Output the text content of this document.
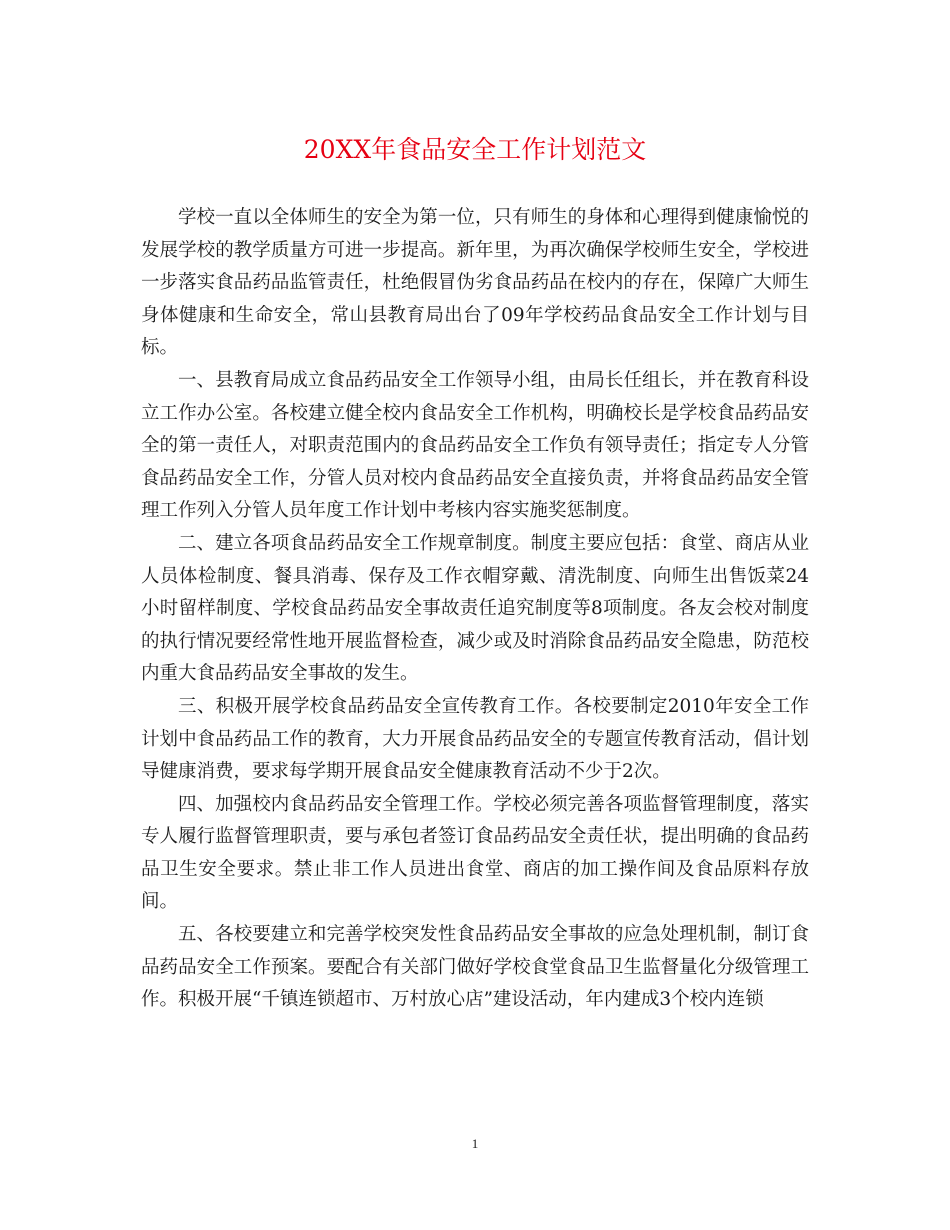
20XX年食品安全工作计划范文

学校一直以全体师生的安全为第一位，只有师生的身体和心理得到健康愉悦的发展学校的教学质量方可进一步提高。新年里，为再次确保学校师生安全，学校进一步落实食品药品监管责任，杜绝假冒伪劣食品药品在校内的存在，保障广大师生身体健康和生命安全，常山县教育局出台了09年学校药品食品安全工作计划与目标。

一、县教育局成立食品药品安全工作领导小组，由局长任组长，并在教育科设立工作办公室。各校建立健全校内食品安全工作机构，明确校长是学校食品药品安全的第一责任人，对职责范围内的食品药品安全工作负有领导责任；指定专人分管食品药品安全工作，分管人员对校内食品药品安全直接负责，并将食品药品安全管理工作列入分管人员年度工作计划中考核内容实施奖惩制度。

二、建立各项食品药品安全工作规章制度。制度主要应包括：食堂、商店从业人员体检制度、餐具消毒、保存及工作衣帽穿戴、清洗制度、向师生出售饭菜24小时留样制度、学校食品药品安全事故责任追究制度等8项制度。各友会校对制度的执行情况要经常性地开展监督检查，减少或及时消除食品药品安全隐患，防范校内重大食品药品安全事故的发生。

三、积极开展学校食品药品安全宣传教育工作。各校要制定2010年安全工作计划中食品药品工作的教育，大力开展食品药品安全的专题宣传教育活动，倡计划导健康消费，要求每学期开展食品安全健康教育活动不少于2次。

四、加强校内食品药品安全管理工作。学校必须完善各项监督管理制度，落实专人履行监督管理职责，要与承包者签订食品药品安全责任状，提出明确的食品药品卫生安全要求。禁止非工作人员进出食堂、商店的加工操作间及食品原料存放间。

五、各校要建立和完善学校突发性食品药品安全事故的应急处理机制，制订食品药品安全工作预案。要配合有关部门做好学校食堂食品卫生监督量化分级管理工作。积极开展“千镇连锁超市、万村放心店”建设活动，年内建成3个校内连锁

1
